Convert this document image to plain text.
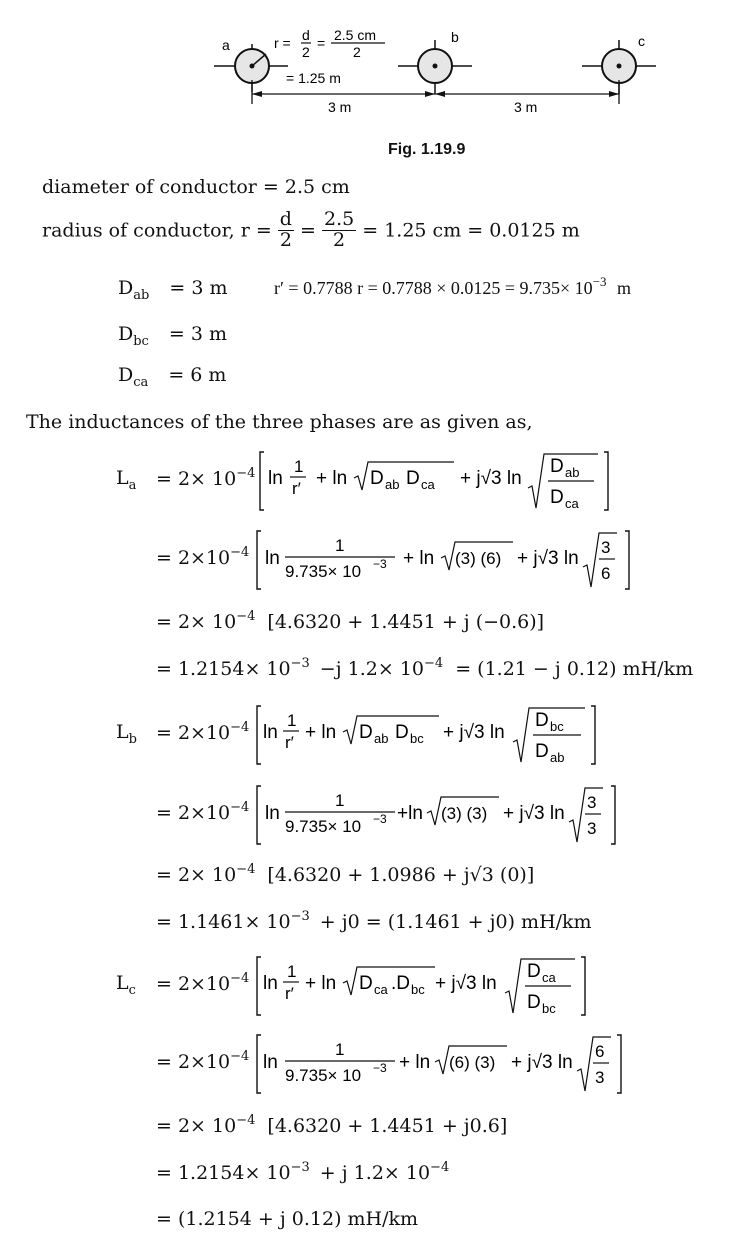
a	b	c
r = d
2
= 2.5 cm
2
= 1.25 m
3 m	3 m
Fig. 1.19.9
diameter of conductor = 2.5 cm
radius of conductor, $r = \frac{d}{2} = \frac{2.5}{2} = 1.25$ cm = 0.0125 m
$D_{ab} = 3$ m	r′ = 0.7788 $r = 0.7788 \times 0.0125 = 9.735\times 10^{-3}$ m
$D_{bc} = 3$ m
$D_{ca} = 6$ m
The inductances of the three phases are as given as,
$L_a = 2\times 10^{-4}$ ln
1
r′ + ln D ab D ca + j√3 ln
D ab
D ca
= $2\times 10^{-4}$ ln
1
9.735× 10 −3 + ln (3) (6) + j√3 ln
3
6
= $2\times 10^{-4}$ [4.6320 + 1.4451 + j (−0.6)]
= $1.2154\times 10^{-3} -j$ $1.2\times 10^{-4} = (1.21 - j$ 0.12) mH/km
$L_b = 2\times 10^{-4}$ ln
1
r′ + ln D ab D bc + j√3 ln
D bc
D ab
= $2\times 10^{-4}$ ln
1
9.735× 10 −3 +ln (3) (3) + j√3 ln
3
3
= $2\times 10^{-4}$ [4.6320 + 1.0986 + j√3 (0)]
= $1.1461\times 10^{-3} + j0 = (1.1461 + j0)$ mH/km
$L_c = 2\times 10^{-4}$ ln
1
r′ + ln D ca .D bc + j√3 ln
D ca
D bc
= $2\times 10^{-4}$ ln
1
9.735× 10 −3 + ln (6) (3) + j√3 ln
6
3
= $2\times 10^{-4}$ [4.6320 + 1.4451 + j0.6]
= $1.2154\times 10^{-3} + j$ $1.2\times 10^{-4}$
= (1.2154 + j 0.12) mH/km
